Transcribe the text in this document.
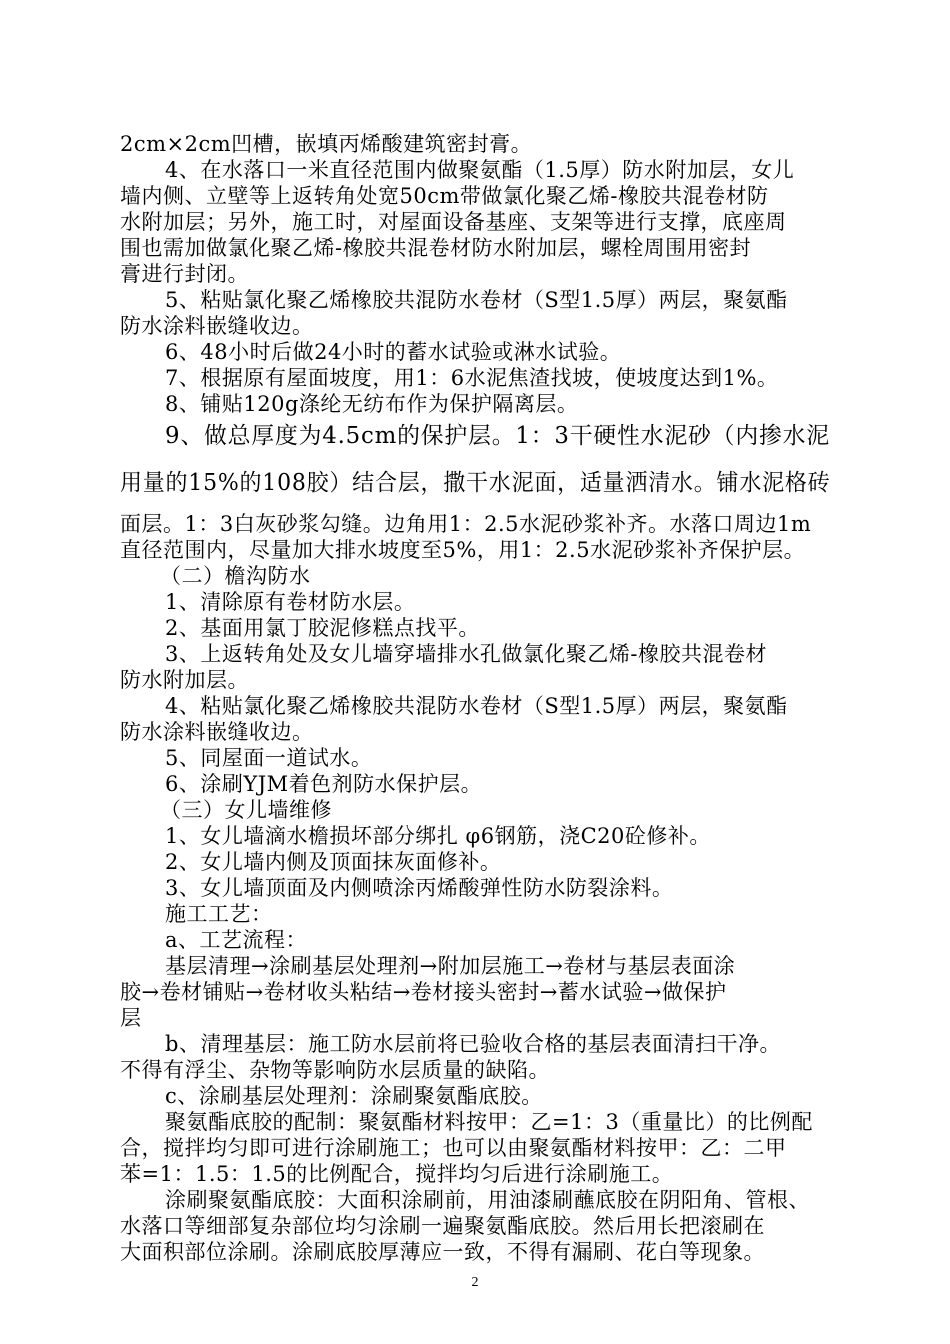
2cm×2cm凹槽，嵌填丙烯酸建筑密封膏。
4、在水落口一米直径范围内做聚氨酯（1.5厚）防水附加层，女儿
墙内侧、立壁等上返转角处宽50cm带做氯化聚乙烯-橡胶共混卷材防
水附加层；另外，施工时，对屋面设备基座、支架等进行支撑，底座周
围也需加做氯化聚乙烯-橡胶共混卷材防水附加层，螺栓周围用密封
膏进行封闭。
5、粘贴氯化聚乙烯橡胶共混防水卷材（S型1.5厚）两层，聚氨酯
防水涂料嵌缝收边。
6、48小时后做24小时的蓄水试验或淋水试验。
7、根据原有屋面坡度，用1：6水泥焦渣找坡，使坡度达到1%。
8、铺贴120g涤纶无纺布作为保护隔离层。
9、做总厚度为4.5cm的保护层。1：3干硬性水泥砂（内掺水泥
用量的15%的108胶）结合层，撒干水泥面，适量洒清水。铺水泥格砖
面层。1：3白灰砂浆勾缝。边角用1：2.5水泥砂浆补齐。水落口周边1m
直径范围内，尽量加大排水坡度至5%，用1：2.5水泥砂浆补齐保护层。
（二）檐沟防水
1、清除原有卷材防水层。
2、基面用氯丁胶泥修糕点找平。
3、上返转角处及女儿墙穿墙排水孔做氯化聚乙烯-橡胶共混卷材
防水附加层。
4、粘贴氯化聚乙烯橡胶共混防水卷材（S型1.5厚）两层，聚氨酯
防水涂料嵌缝收边。
5、同屋面一道试水。
6、涂刷YJM着色剂防水保护层。
（三）女儿墙维修
1、女儿墙滴水檐损坏部分绑扎 φ6钢筋，浇C20砼修补。
2、女儿墙内侧及顶面抹灰面修补。
3、女儿墙顶面及内侧喷涂丙烯酸弹性防水防裂涂料。
施工工艺：
a、工艺流程：
基层清理→涂刷基层处理剂→附加层施工→卷材与基层表面涂
胶→卷材铺贴→卷材收头粘结→卷材接头密封→蓄水试验→做保护
层
b、清理基层：施工防水层前将已验收合格的基层表面清扫干净。
不得有浮尘、杂物等影响防水层质量的缺陷。
c、涂刷基层处理剂：涂刷聚氨酯底胶。
聚氨酯底胶的配制：聚氨酯材料按甲：乙=1：3（重量比）的比例配
合，搅拌均匀即可进行涂刷施工；也可以由聚氨酯材料按甲：乙：二甲
苯=1：1.5：1.5的比例配合，搅拌均匀后进行涂刷施工。
涂刷聚氨酯底胶：大面积涂刷前，用油漆刷蘸底胶在阴阳角、管根、
水落口等细部复杂部位均匀涂刷一遍聚氨酯底胶。然后用长把滚刷在
大面积部位涂刷。涂刷底胶厚薄应一致，不得有漏刷、花白等现象。
2
